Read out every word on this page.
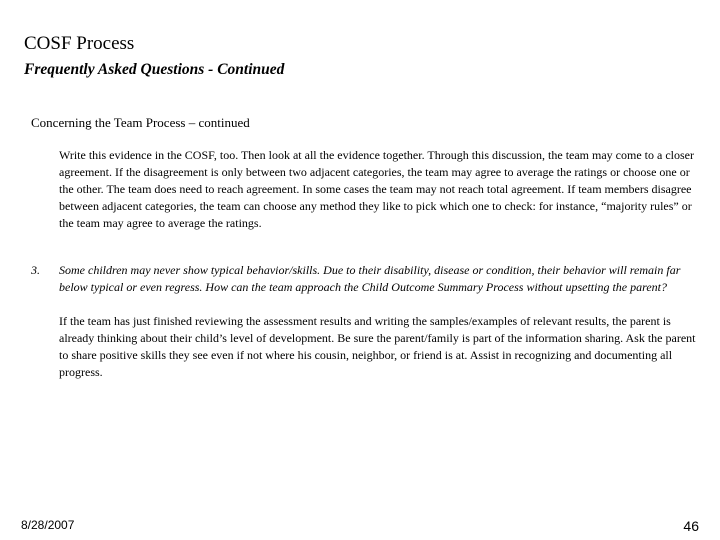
COSF Process
Frequently Asked Questions - Continued
Concerning the Team Process – continued

Write this evidence in the COSF, too. Then look at all the evidence together. Through this discussion, the team may come to a closer agreement. If the disagreement is only between two adjacent categories, the team may agree to average the ratings or choose one or the other. The team does need to reach agreement. In some cases the team may not reach total agreement. If team members disagree between adjacent categories, the team can choose any method they like to pick which one to check: for instance, “majority rules” or the team may agree to average the ratings.

3. Some children may never show typical behavior/skills. Due to their disability, disease or condition, their behavior will remain far below typical or even regress. How can the team approach the Child Outcome Summary Process without upsetting the parent?

If the team has just finished reviewing the assessment results and writing the samples/examples of relevant results, the parent is already thinking about their child’s level of development. Be sure the parent/family is part of the information sharing. Ask the parent to share positive skills they see even if not where his cousin, neighbor, or friend is at. Assist in recognizing and documenting all progress.

8/28/2007	46
